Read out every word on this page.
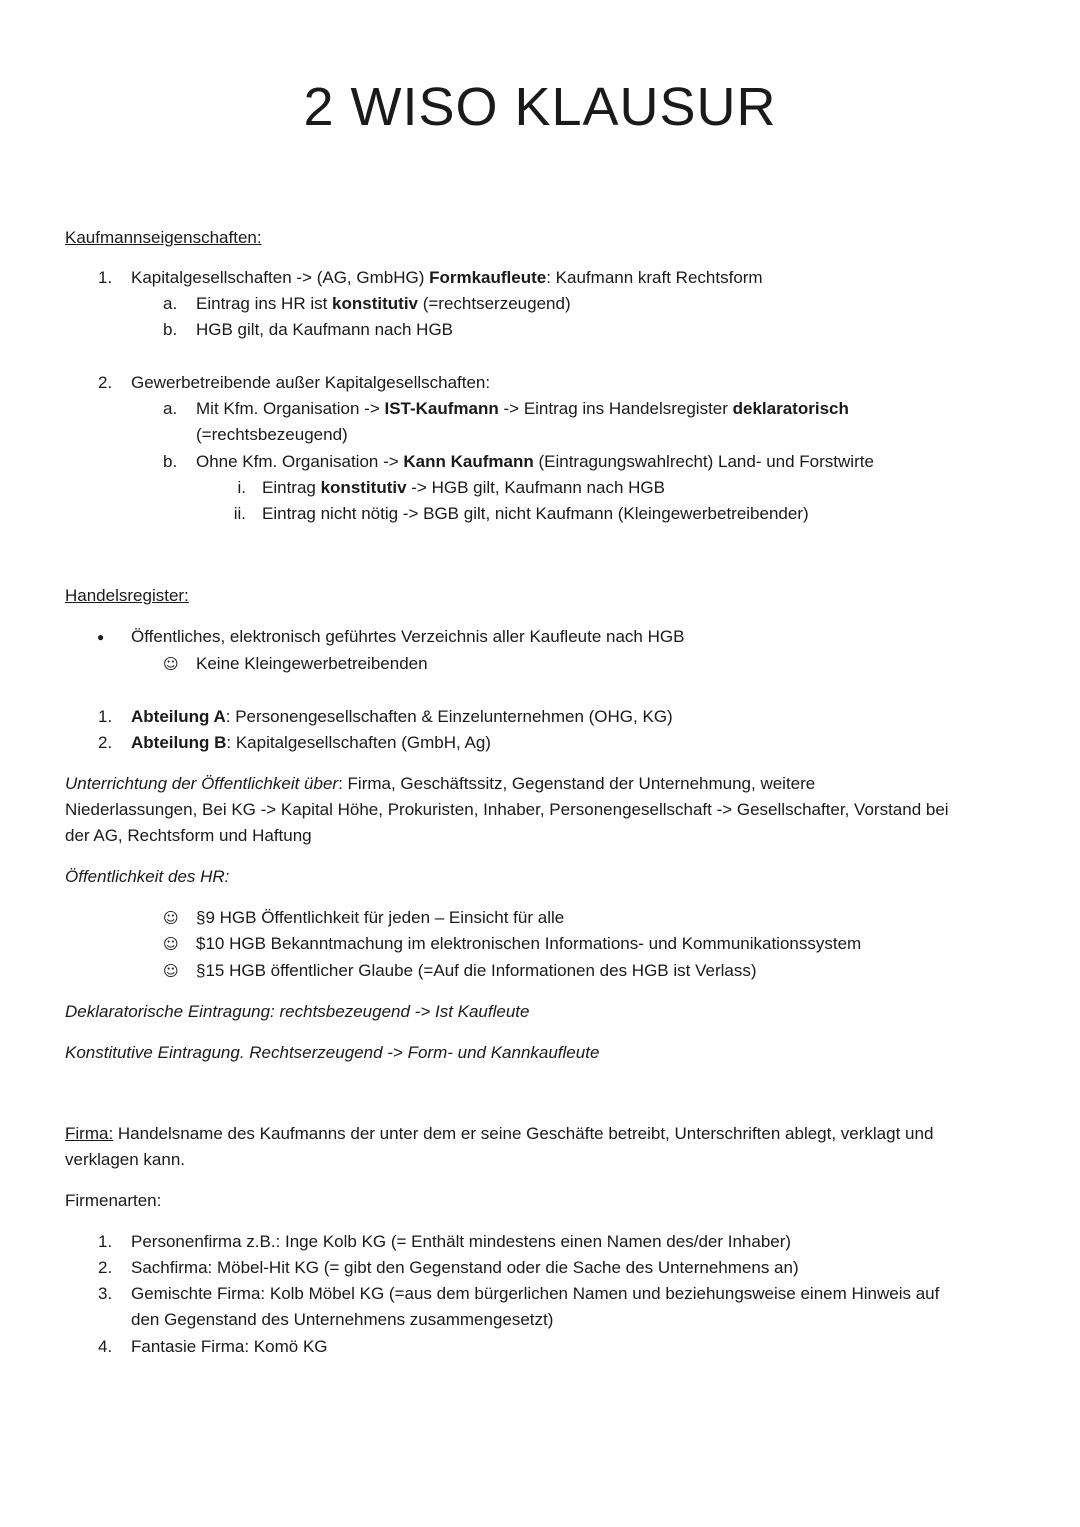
2 WISO KLAUSUR

Kaufmannseigenschaften:

1. Kapitalgesellschaften -> (AG, GmbHG) Formkaufleute: Kaufmann kraft Rechtsform
a. Eintrag ins HR ist konstitutiv (=rechtserzeugend)
b. HGB gilt, da Kaufmann nach HGB
2. Gewerbetreibende außer Kapitalgesellschaften:
a. Mit Kfm. Organisation -> IST-Kaufmann -> Eintrag ins Handelsregister deklaratorisch
(=rechtsbezeugend)
b. Ohne Kfm. Organisation -> Kann Kaufmann (Eintragungswahlrecht) Land- und Forstwirte
i. Eintrag konstitutiv -> HGB gilt, Kaufmann nach HGB
ii. Eintrag nicht nötig -> BGB gilt, nicht Kaufmann (Kleingewerbetreibender)

Handelsregister:

● Öffentliches, elektronisch geführtes Verzeichnis aller Kaufleute nach HGB
☺ Keine Kleingewerbetreibenden
1. Abteilung A: Personengesellschaften & Einzelunternehmen (OHG, KG)
2. Abteilung B: Kapitalgesellschaften (GmbH, Ag)
Unterrichtung der Öffentlichkeit über: Firma, Geschäftssitz, Gegenstand der Unternehmung, weitere
Niederlassungen, Bei KG -> Kapital Höhe, Prokuristen, Inhaber, Personengesellschaft -> Gesellschafter, Vorstand bei
der AG, Rechtsform und Haftung

Öffentlichkeit des HR:

☺ §9 HGB Öffentlichkeit für jeden – Einsicht für alle
☺ $10 HGB Bekanntmachung im elektronischen Informations- und Kommunikationssystem
☺ §15 HGB öffentlicher Glaube (=Auf die Informationen des HGB ist Verlass)

Deklaratorische Eintragung: rechtsbezeugend -> Ist Kaufleute

Konstitutive Eintragung. Rechtserzeugend -> Form- und Kannkaufleute

Firma: Handelsname des Kaufmanns der unter dem er seine Geschäfte betreibt, Unterschriften ablegt, verklagt und
verklagen kann.

Firmenarten:

1. Personenfirma z.B.: Inge Kolb KG (= Enthält mindestens einen Namen des/der Inhaber)
2. Sachfirma: Möbel-Hit KG (= gibt den Gegenstand oder die Sache des Unternehmens an)
3. Gemischte Firma: Kolb Möbel KG (=aus dem bürgerlichen Namen und beziehungsweise einem Hinweis auf
den Gegenstand des Unternehmens zusammengesetzt)
4. Fantasie Firma: Komö KG
